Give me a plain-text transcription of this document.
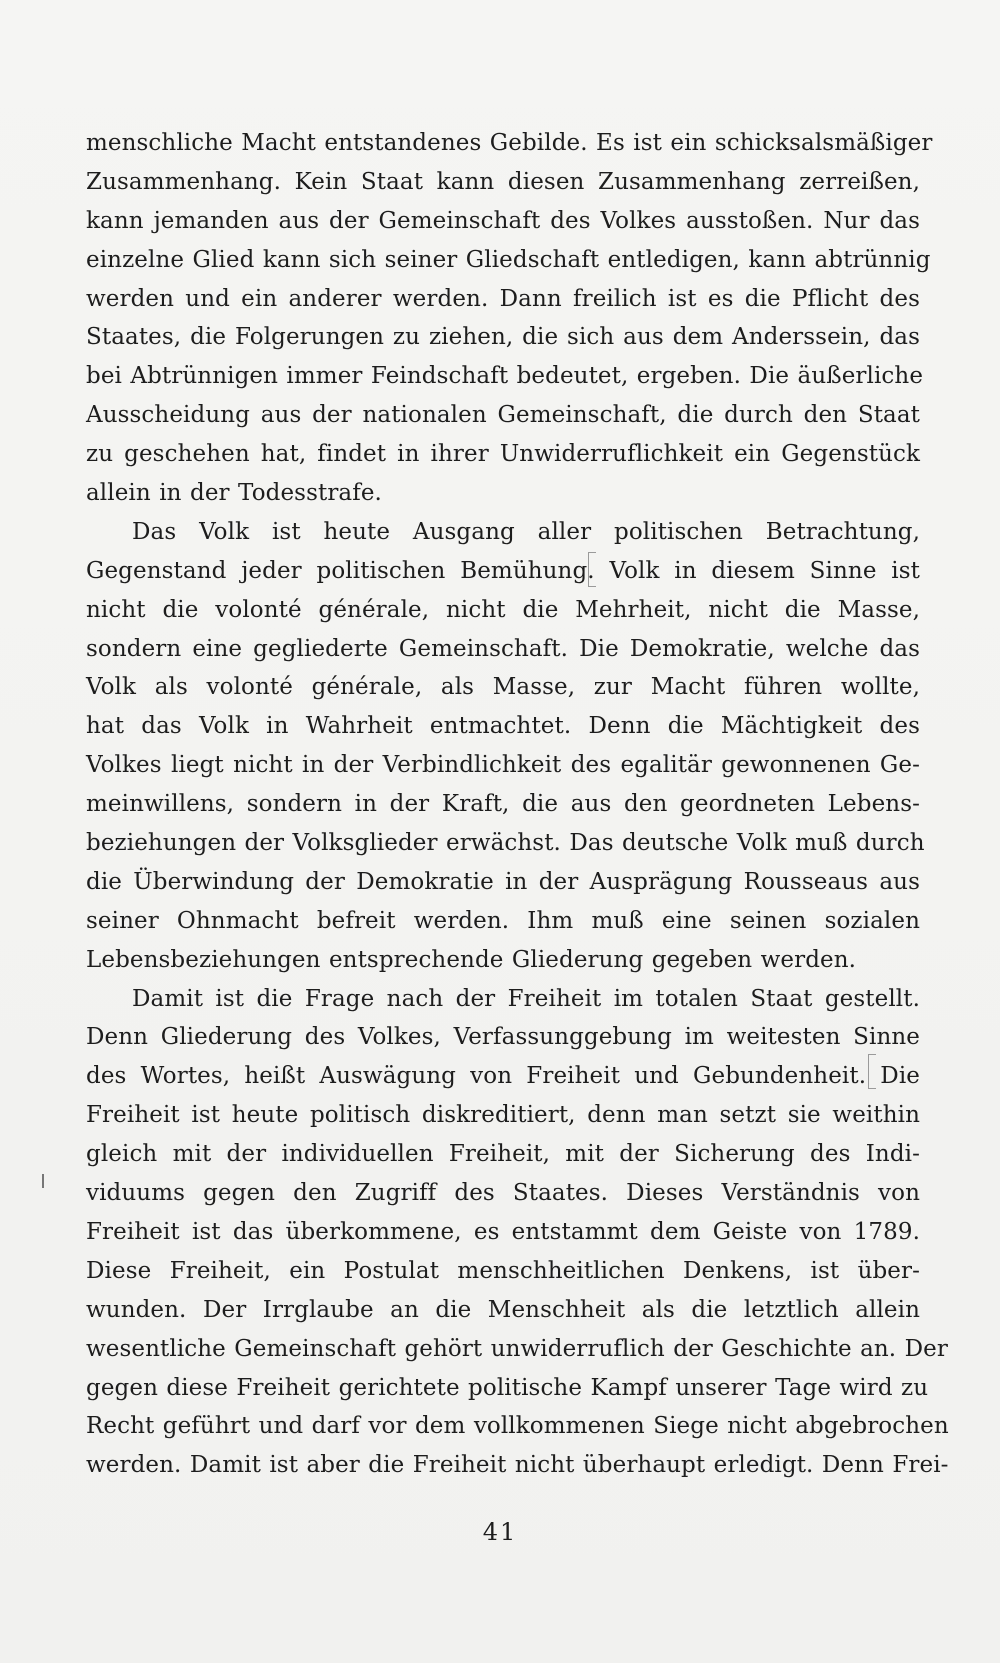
menschliche Macht entstandenes Gebilde. Es ist ein schicksalsmäßiger
Zusammenhang. Kein Staat kann diesen Zusammenhang zerreißen,
kann jemanden aus der Gemeinschaft des Volkes ausstoßen. Nur das
einzelne Glied kann sich seiner Gliedschaft entledigen, kann abtrünnig
werden und ein anderer werden. Dann freilich ist es die Pflicht des
Staates, die Folgerungen zu ziehen, die sich aus dem Anderssein, das
bei Abtrünnigen immer Feindschaft bedeutet, ergeben. Die äußerliche
Ausscheidung aus der nationalen Gemeinschaft, die durch den Staat
zu geschehen hat, findet in ihrer Unwiderruflichkeit ein Gegenstück
allein in der Todesstrafe.
Das Volk ist heute Ausgang aller politischen Betrachtung,
Gegenstand jeder politischen Bemühung. Volk in diesem Sinne ist
nicht die volonté générale, nicht die Mehrheit, nicht die Masse,
sondern eine gegliederte Gemeinschaft. Die Demokratie, welche das
Volk als volonté générale, als Masse, zur Macht führen wollte,
hat das Volk in Wahrheit entmachtet. Denn die Mächtigkeit des
Volkes liegt nicht in der Verbindlichkeit des egalitär gewonnenen Ge-
meinwillens, sondern in der Kraft, die aus den geordneten Lebens-
beziehungen der Volksglieder erwächst. Das deutsche Volk muß durch
die Überwindung der Demokratie in der Ausprägung Rousseaus aus
seiner Ohnmacht befreit werden. Ihm muß eine seinen sozialen
Lebensbeziehungen entsprechende Gliederung gegeben werden.
Damit ist die Frage nach der Freiheit im totalen Staat gestellt.
Denn Gliederung des Volkes, Verfassunggebung im weitesten Sinne
des Wortes, heißt Auswägung von Freiheit und Gebundenheit. Die
Freiheit ist heute politisch diskreditiert, denn man setzt sie weithin
gleich mit der individuellen Freiheit, mit der Sicherung des Indi-
viduums gegen den Zugriff des Staates. Dieses Verständnis von
Freiheit ist das überkommene, es entstammt dem Geiste von 1789.
Diese Freiheit, ein Postulat menschheitlichen Denkens, ist über-
wunden. Der Irrglaube an die Menschheit als die letztlich allein
wesentliche Gemeinschaft gehört unwiderruflich der Geschichte an. Der
gegen diese Freiheit gerichtete politische Kampf unserer Tage wird zu
Recht geführt und darf vor dem vollkommenen Siege nicht abgebrochen
werden. Damit ist aber die Freiheit nicht überhaupt erledigt. Denn Frei-
41
